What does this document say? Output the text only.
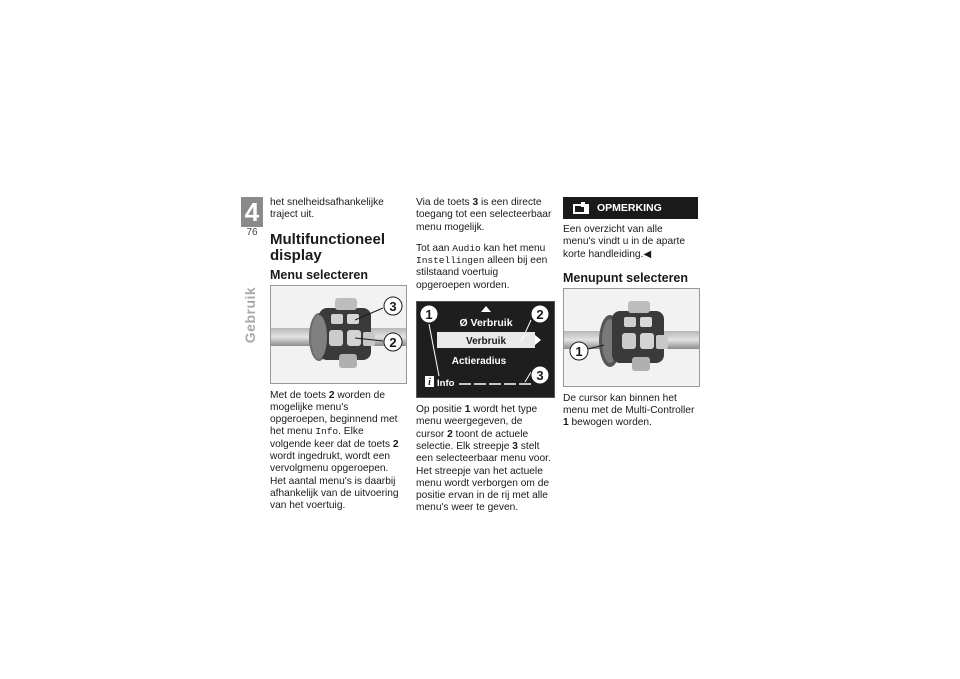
4
76
Gebruik

het snelheidsafhankelijke traject uit.

Multifunctioneel display
Menu selecteren
3
2

Met de toets 2 worden de mogelijke menu's opgeroepen, beginnend met het menu Info. Elke volgende keer dat de toets 2 wordt ingedrukt, wordt een vervolgmenu opgeroepen. Het aantal menu's is daarbij afhankelijk van de uitvoering van het voertuig.

Via de toets 3 is een directe toegang tot een selecteerbaar menu mogelijk.

Tot aan Audio kan het menu Instellingen alleen bij een stilstaand voertuig opgeroepen worden.

Ø Verbruik
Verbruik
Actieradius
i Info
1	2
3

Op positie 1 wordt het type menu weergegeven, de cursor 2 toont de actuele selectie. Elk streepje 3 stelt een selecteerbaar menu voor. Het streepje van het actuele menu wordt verborgen om de positie ervan in de rij met alle menu's weer te geven.

OPMERKING

Een overzicht van alle menu's vindt u in de aparte korte handleiding.◀

Menupunt selecteren
1

De cursor kan binnen het menu met de Multi-Controller 1 bewogen worden.
